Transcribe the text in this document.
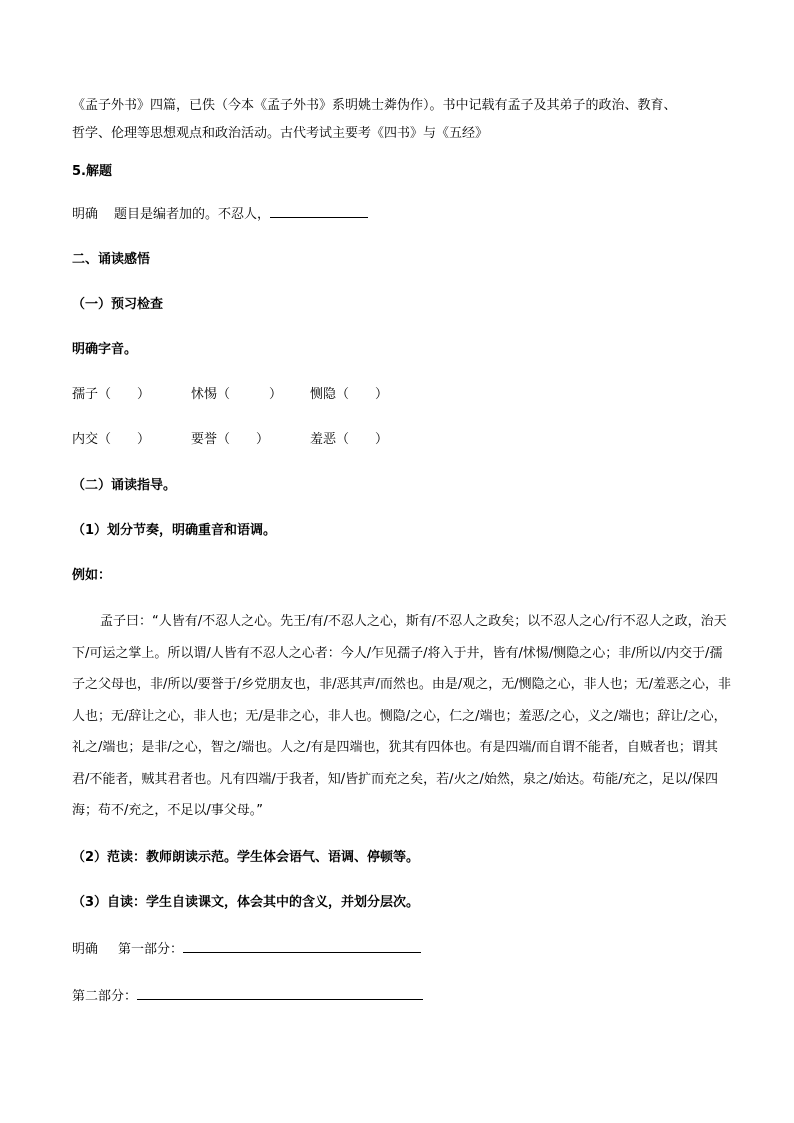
《孟子外书》四篇，已佚（今本《孟子外书》系明姚士粦伪作）。书中记载有孟子及其弟子的政治、教育、
哲学、伦理等思想观点和政治活动。古代考试主要考《四书》与《五经》
5.解题
明确 题目是编者加的。不忍人，
二、诵读感悟
（一）预习检查
明确字音。
孺子（　　）	怵惕（　　　） 恻隐（　　）
内交（　　）	要誉（　　）	羞恶（　　）
（二）诵读指导。
（1）划分节奏，明确重音和语调。
例如：
孟子曰：“人皆有/不忍人之心。先王/有/不忍人之心，斯有/不忍人之政矣；以不忍人之心/行不忍人之政，治天下/可运之掌上。所以谓/人皆有不忍人之心者：今人/乍见孺子/将入于井，皆有/怵惕/恻隐之心；非/所以/内交于/孺子之父母也，非/所以/要誉于/乡党朋友也，非/恶其声/而然也。由是/观之，无/恻隐之心，非人也；无/羞恶之心，非人也；无/辞让之心，非人也；无/是非之心，非人也。恻隐/之心，仁之/端也；羞恶/之心，义之/端也；辞让/之心，礼之/端也；是非/之心，智之/端也。人之/有是四端也，犹其有四体也。有是四端/而自谓不能者，自贼者也；谓其君/不能者，贼其君者也。凡有四端/于我者，知/皆扩而充之矣，若/火之/始然，泉之/始达。苟能/充之，足以/保四海；苟不/充之，不足以/事父母。”
（2）范读：教师朗读示范。学生体会语气、语调、停顿等。
（3）自读：学生自读课文，体会其中的含义，并划分层次。
明确 第一部分：
第二部分：
